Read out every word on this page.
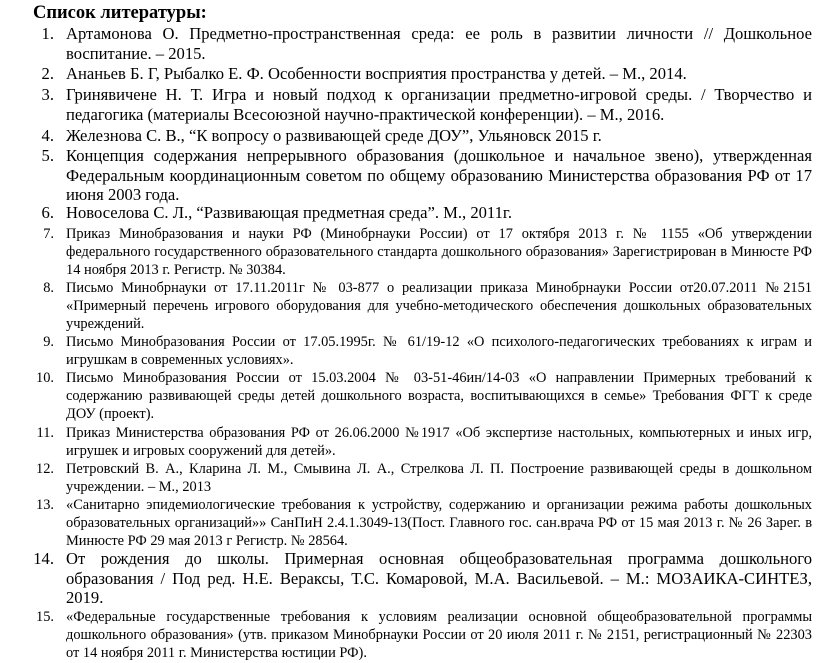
Список литературы:
1. Артамонова О. Предметно-пространственная среда: ее роль в развитии личности // Дошкольное воспитание. – 2015.
2. Ананьев Б. Г, Рыбалко Е. Ф. Особенности восприятия пространства у детей. – М., 2014.
3. Гринявичене Н. Т. Игра и новый подход к организации предметно-игровой среды. / Творчество и педагогика (материалы Всесоюзной научно-практической конференции). – М., 2016.
4. Железнова С. В., “К вопросу о развивающей среде ДОУ”, Ульяновск 2015 г.
5. Концепция содержания непрерывного образования (дошкольное и начальное звено), утвержденная Федеральным координационным советом по общему образованию Министерства образования РФ от 17 июня 2003 года.
6. Новоселова С. Л., “Развивающая предметная среда”. М., 2011г.
7. Приказ Минобразования и науки РФ (Минобрнауки России) от 17 октября 2013 г. № 1155 «Об утверждении федерального государственного образовательного стандарта дошкольного образования» Зарегистрирован в Минюсте РФ 14 ноября 2013 г. Регистр. № 30384.
8. Письмо Минобрнауки от 17.11.2011г № 03-877 о реализации приказа Минобрнауки России от20.07.2011 №2151 «Примерный перечень игрового оборудования для учебно-методического обеспечения дошкольных образовательных учреждений.
9. Письмо Минобразования России от 17.05.1995г. № 61/19-12 «О психолого-педагогических требованиях к играм и игрушкам в современных условиях».
10. Письмо Минобразования России от 15.03.2004 № 03-51-46ин/14-03 «О направлении Примерных требований к содержанию развивающей среды детей дошкольного возраста, воспитывающихся в семье» Требования ФГТ к среде ДОУ (проект).
11. Приказ Министерства образования РФ от 26.06.2000 №1917 «Об экспертизе настольных, компьютерных и иных игр, игрушек и игровых сооружений для детей».
12. Петровский В. А., Кларина Л. М., Смывина Л. А., Стрелкова Л. П. Построение развивающей среды в дошкольном учреждении. – М., 2013
13. «Санитарно эпидемиологические требования к устройству, содержанию и организации режима работы дошкольных образовательных организаций»» СанПиН 2.4.1.3049-13(Пост. Главного гос. сан.врача РФ от 15 мая 2013 г. № 26 Зарег. в Минюсте РФ 29 мая 2013 г Регистр. № 28564.
14. От рождения до школы. Примерная основная общеобразовательная программа дошкольного образования / Под ред. Н.Е. Вераксы, Т.С. Комаровой, М.А. Васильевой. – М.: МОЗАИКА-СИНТЕЗ, 2019.
15. «Федеральные государственные требования к условиям реализации основной общеобразовательной программы дошкольного образования» (утв. приказом Минобрнауки России от 20 июля 2011 г. № 2151, регистрационный № 22303 от 14 ноября 2011 г. Министерства юстиции РФ).
